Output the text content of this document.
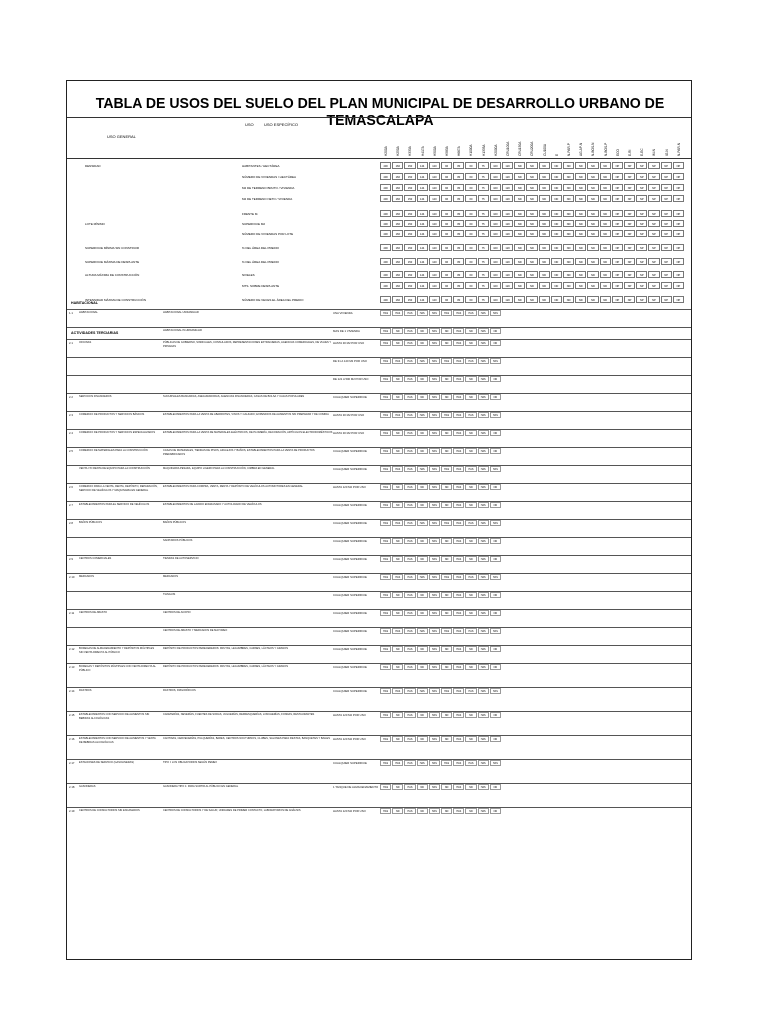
TABLA DE USOS DEL SUELO DEL PLAN MUNICIPAL DE DESARROLLO URBANO DE TEMASCALAPA
USO GENERAL
USO	USO ESPECÍFICO
H200A	H250A	H333A	H417A	H500A	H583A	H667A	H1000A	H1333A	H2000A	CRU100A	CRU150A	CRU200A	CU100A	E	N-PAR-P	AG-AP-N	N-BOS-N	N-BOS-P	ECO	E-RI	E-EC	IM-N	IG-N	N-PAR-N
DENSIDAD	HABITANTES / HECTÁREA	400	166	150	144	120	96	80	60	75	100	120	ND	ND	ND	ND	ND	ND	ND	ND	NP	NP	NP	NP	NP	NP
NÚMERO DE VIVIENDAS / HECTÁREA	400	166	150	144	120	96	80	60	75	100	120	ND	ND	ND	ND	ND	ND	ND	ND	NP	NP	NP	NP	NP	NP
M2 DE TERRENO BRUTO / VIVIENDA	400	166	150	144	120	96	80	60	75	100	120	ND	ND	ND	ND	ND	ND	ND	ND	NP	NP	NP	NP	NP	NP
M2 DE TERRENO NETO / VIVIENDA	400	166	150	144	120	96	80	60	75	100	120	ND	ND	ND	ND	ND	ND	ND	ND	NP	NP	NP	NP	NP	NP
FRENTE M.	400	166	150	144	120	96	80	60	75	100	120	ND	ND	ND	ND	ND	ND	ND	ND	NP	NP	NP	NP	NP	NP
LOTE MÍNIMO	SUPERFICIE M2	400	166	150	144	120	96	80	60	75	100	120	ND	ND	ND	ND	ND	ND	ND	ND	NP	NP	NP	NP	NP	NP
NÚMERO DE VIVIENDAS POR LOTE	400	166	150	144	120	96	80	60	75	100	120	ND	ND	ND	ND	ND	ND	ND	ND	NP	NP	NP	NP	NP	NP
SUPERFICIE MÍNIMA SIN CONSTRUIR	% DEL ÁREA DEL PREDIO	400	166	150	144	120	96	80	60	75	100	120	ND	ND	ND	ND	ND	ND	ND	ND	NP	NP	NP	NP	NP	NP
SUPERFICIE MÁXIMA DE DESPLANTE	% DEL ÁREA DEL PREDIO	400	166	150	144	120	96	80	60	75	100	120	ND	ND	ND	ND	ND	ND	ND	ND	NP	NP	NP	NP	NP	NP
ALTURA MÁXIMA DE CONSTRUCCIÓN	NIVELES	400	166	150	144	120	96	80	60	75	100	120	ND	ND	ND	ND	ND	ND	ND	ND	NP	NP	NP	NP	NP	NP
MTS. SOBRE DESPLANTE	400	166	150	144	120	96	80	60	75	100	120	ND	ND	ND	ND	ND	ND	ND	ND	NP	NP	NP	NP	NP	NP
INTENSIDAD MÁXIMA DE CONSTRUCCIÓN	NÚMERO DE VECES EL ÁREA DEL PREDIO	400	166	150	144	120	96	80	60	75	100	120	ND	ND	ND	ND	ND	ND	ND	ND	NP	NP	NP	NP	NP	NP
HABITACIONAL
ACTIVIDADES TERCIARIAS
1.1 HABITACIONAL	HABITACIONAL UNIFAMILIAR	UNA VIVIENDA	HAS	HAS	HAS	HAS	HAS	HAS	HAS	HAS	HAS	HAS
HABITACIONAL PLURIFAMILIAR	MAS DE 1 VIVIENDA	HAS	ND	HAS	ND	HAS	ND	HAS	ND	HAS	ND
2.1 OFICINAS	PÚBLICAS DE GOBIERNO, SINDICALES, CONSULADOS, REPRESENTACIONES EXTRANJERAS, AGENCIAS COMERCIALES, DE VIAJES Y PRIVADAS
HASTA 30 M2 POR USO	HAS	ND	HAS	ND	HAS	ND	HAS	ND	HAS	ND
DE 31 A 120 M2 POR USO	HAS	HAS	HAS	HAS	HAS	HAS	HAS	HAS	HAS	HAS
DE 121 A 500 M2 POR USO	HAS	ND	HAS	ND	HAS	ND	HAS	ND	HAS	ND
2.2 SERVICIOS FINANCIEROS	SUCURSALES BANCARIAS, ASEGURADORAS, AGENCIAS FINANCIERAS, CASAS DE BOLSA Y CAJAS POPULARES	CUALQUIER SUPERFICIE	HAS	ND	HAS	ND	HAS	ND	HAS	ND	HAS	ND
2.3 COMERCIO DE PRODUCTOS Y SERVICIOS BÁSICOS	ESTABLECIMIENTOS PARA LA VENTA DE ABARROTES, VINOS Y CALZADO; EXPENDIOS DE ALIMENTOS SIN PREPARAR Y DE COMIDA	HASTA 30 M2 POR USO	HAS	HAS	HAS	HAS	HAS	HAS	HAS	HAS	HAS	HAS
2.4 COMERCIO DE PRODUCTOS Y SERVICIOS ESPECIALIZADOS	ESTABLECIMIENTOS PARA LA VENTA DE MATERIALES ELÉCTRICOS, DE PLOMERÍA, DECORACIÓN, ARTÍCULOS ELECTRODOMÉSTICOS HASTA 30 M2 POR USO	HAS	ND	HAS	ND	HAS	ND	HAS	ND	HAS	ND
2.5 COMERCIO DE MATERIALES PARA LA CONSTRUCCIÓN	CASAS DE MATERIALES, TIENDAS DE PISOS, AZULEJOS Y BAÑOS, ESTABLECIMIENTOS PARA LA VENTA DE PRODUCTOS PREFABRICADOS
CUALQUIER SUPERFICIE	HAS	ND	HAS	ND	HAS	ND	HAS	ND	HAS	ND
VENTA Y/O RENTA DE EQUIPO PARA LA CONSTRUCCIÓN	MAQUINARIA PESADA, EQUIPO LIGERO PARA LA CONSTRUCCIÓN, CIMBRA EN GENERAL	CUALQUIER SUPERFICIE	HAS	HAS	HAS	HAS	HAS	HAS	HAS	HAS	HAS	HAS
2.6 COMERCIO PARA LA VENTA, RENTA, DEPÓSITO, REPARACIÓN, SERVICIO DE VEHÍCULOS Y MAQUINARIA EN GENERAL
ESTABLECIMIENTOS PARA COMPRA, VENTA, RENTA Y DEPÓSITO DE VEHÍCULOS AUTOMOTORES EN GENERAL	HASTA 120 M2 POR USO	HAS	ND	HAS	ND	HAS	ND	HAS	ND	HAS	ND
2.7 ESTABLECIMIENTOS PARA EL SERVICIO DE VEHÍCULOS	ESTABLECIMIENTOS DE LAVADO ENGRASADO Y AUTOLAVADO DE VEHÍCULOS	CUALQUIER SUPERFICIE	HAS	ND	HAS	ND	HAS	ND	HAS	ND	HAS	ND
2.8 BAÑOS PÚBLICOS	BAÑOS PÚBLICOS	CUALQUIER SUPERFICIE	HAS	HAS	HAS	HAS	HAS	HAS	HAS	HAS	HAS	HAS
SANITARIOS PÚBLICOS	CUALQUIER SUPERFICIE	HAS	ND	HAS	ND	HAS	ND	HAS	ND	HAS	ND
2.9 CENTROS COMERCIALES	TIENDAS DE AUTOSERVICIO	CUALQUIER SUPERFICIE	HAS	ND	HAS	ND	HAS	ND	HAS	ND	HAS	ND
2.10 MERCADOS	MERCADOS	CUALQUIER SUPERFICIE	HAS	HAS	HAS	HAS	HAS	HAS	HAS	HAS	HAS	HAS
TIANGUIS	CUALQUIER SUPERFICIE	HAS	ND	HAS	ND	HAS	ND	HAS	ND	HAS	ND
2.11 CENTROS DE ABASTO	CENTROS DE ACOPIO	CUALQUIER SUPERFICIE	HAS	ND	HAS	ND	HAS	ND	HAS	ND	HAS	ND
CENTROS DE ABASTO Y MERCADOS DE MAYOREO	CUALQUIER SUPERFICIE	HAS	HAS	HAS	HAS	HAS	HAS	HAS	HAS	HAS	HAS
2.12 BODEGAS DE ALMACENAMIENTO Y DEPÓSITOS MÚLTIPLES SIN VENTA DIRECTA AL PÚBLICO
DEPÓSITO DE PRODUCTOS PERECEDEROS: FRUTAS, LEGUMBRES, CARNES, LÁCTEOS Y GRANOS	CUALQUIER SUPERFICIE	HAS	ND	HAS	ND	HAS	ND	HAS	ND	HAS	ND
2.13 BODEGAS Y DEPÓSITOS MÚLTIPLES CON VENTA DIRECTA AL PÚBLICO
DEPÓSITO DE PRODUCTOS PERECEDEROS: FRUTAS, LEGUMBRES, CARNES, LÁCTEOS Y GRANOS	CUALQUIER SUPERFICIE	HAS	ND	HAS	ND	HAS	ND	HAS	ND	HAS	ND
2.14 RASTROS	RASTROS, FRIGORÍFICOS	CUALQUIER SUPERFICIE	HAS	HAS	HAS	HAS	HAS	HAS	HAS	HAS	HAS	HAS
2.15 ESTABLECIMIENTOS CON SERVICIO DE ALIMENTOS SIN BEBIDAS ALCOHÓLICAS
CAFETERÍAS, NEVERÍAS, FUENTES DE SODAS, JUGUERÍAS, REFRESQUERÍAS, LONCHERÍAS, FONDAS, RESTAURANTES	HASTA 120 M2 POR USO	HAS	ND	HAS	ND	HAS	ND	HAS	ND	HAS	ND
2.16 ESTABLECIMIENTOS CON SERVICIO DE ALIMENTOS Y VENTA DE BEBIDAS ALCOHÓLICAS
CANTINAS, CERVECERÍAS, PULQUERÍAS, BARES, CENTROS NOCTURNOS, CLUBES, SALONES PARA FIESTAS, BANQUETES Y BAILES	HASTA 120 M2 POR USO	HAS	ND	HAS	ND	HAS	ND	HAS	ND	HAS	ND
2.17 ESTACIONES DE SERVICIO (GASOLINERAS)	TIPO I: LOS OBLIGATORIOS SEGÚN PEMEX	CUALQUIER SUPERFICIE	HAS	HAS	HAS	HAS	HAS	HAS	HAS	HAS	HAS	HAS
2.18 GASONERAS	GASONERA TIPO 1: PARA SURTIR AL PÚBLICO EN GENERAL	1 TANQUE DE ALMACENAMIENTO	HAS	ND	HAS	ND	HAS	ND	HAS	ND	HAS	ND
2.19 CENTROS DE CONSULTORIOS SIN ENCAMADOS	CENTROS DE CONSULTORIOS Y DE SALUD; UNIDADES DE PRIMER CONTACTO, LABORATORIOS DE ANÁLISIS	HASTA 120 M2 POR USO	HAS	ND	HAS	ND	HAS	ND	HAS	ND	HAS	ND
